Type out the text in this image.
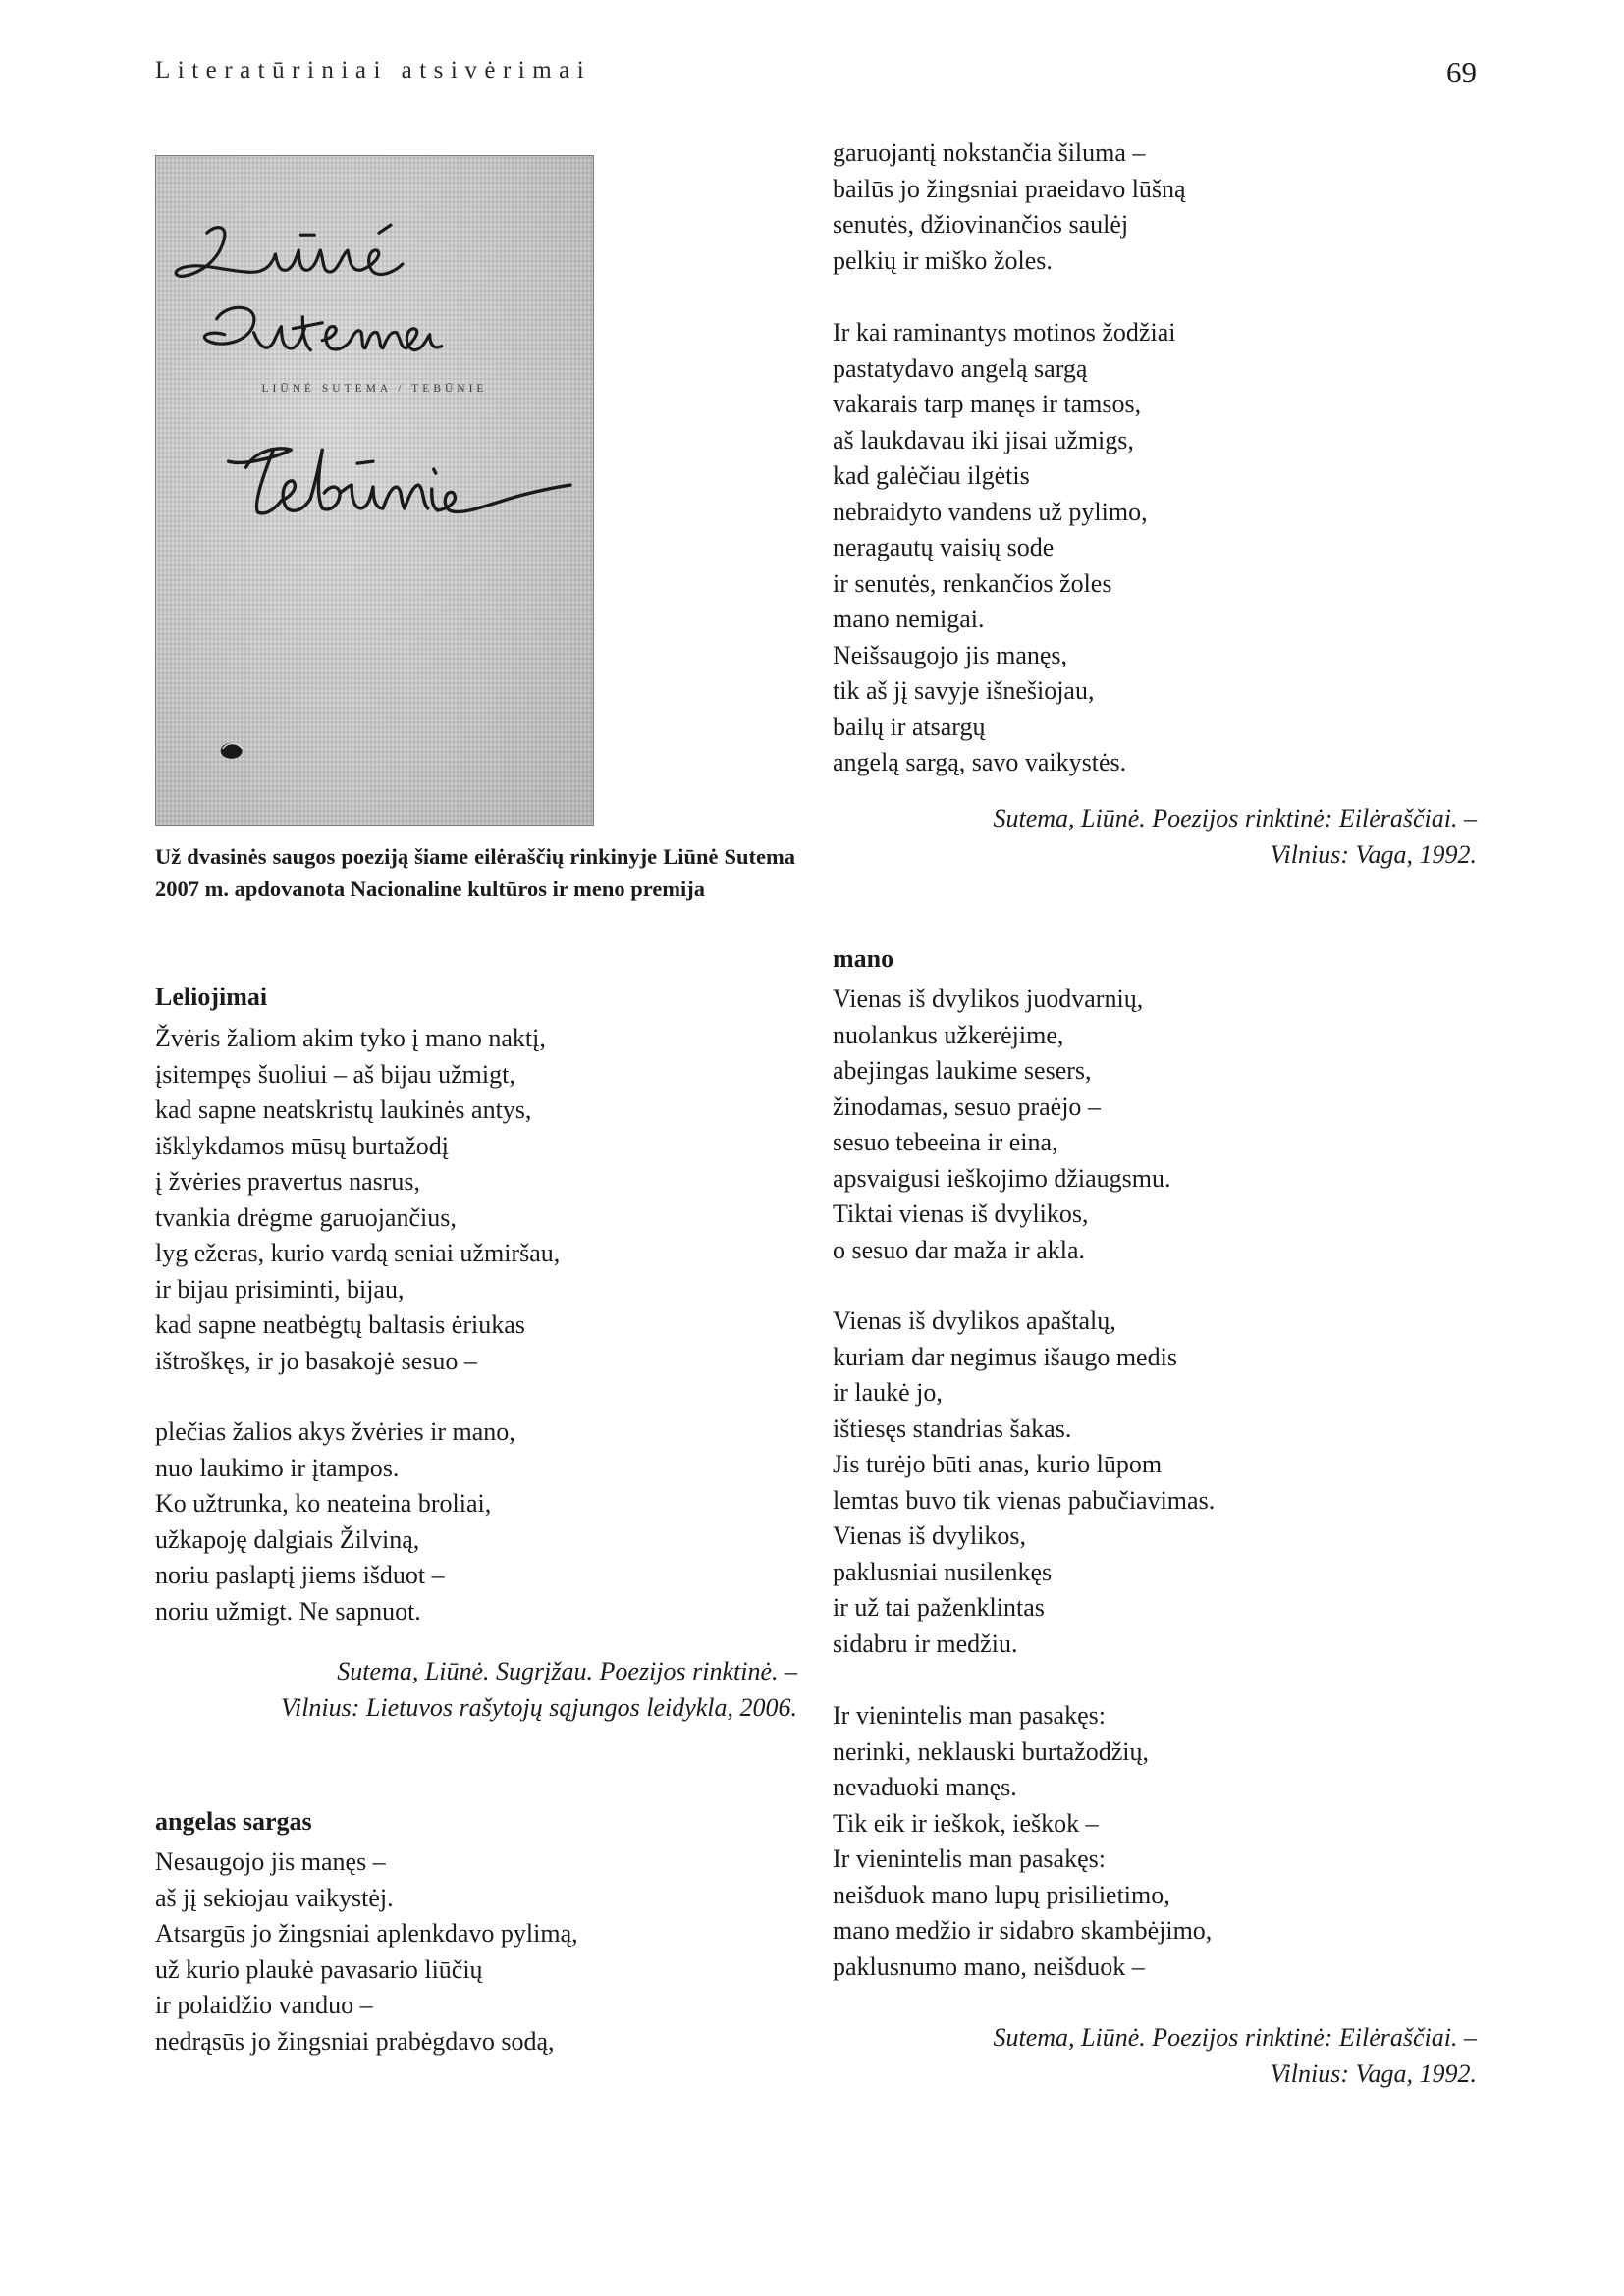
Literatūriniai atsivėrimai	69
LIŪNĖ SUTEMA / TEBŪNIE
Už dvasinės saugos poeziją šiame eilėraščių rinkinyje Liūnė Sutema 2007 m. apdovanota Nacionaline kultūros ir meno premija
Leliojimai
Žvėris žaliom akim tyko į mano naktį,
įsitempęs šuoliui – aš bijau užmigt,
kad sapne neatskristų laukinės antys,
išklykdamos mūsų burtažodį
į žvėries pravertus nasrus,
tvankia drėgme garuojančius,
lyg ežeras, kurio vardą seniai užmiršau,
ir bijau prisiminti, bijau,
kad sapne neatbėgtų baltasis ėriukas
ištroškęs, ir jo basakojė sesuo –
plečias žalios akys žvėries ir mano,
nuo laukimo ir įtampos.
Ko užtrunka, ko neateina broliai,
užkapoję dalgiais Žilviną,
noriu paslaptį jiems išduot –
noriu užmigt. Ne sapnuot.
Sutema, Liūnė. Sugrįžau. Poezijos rinktinė. –
Vilnius: Lietuvos rašytojų sąjungos leidykla, 2006.
angelas sargas
Nesaugojo jis manęs –
aš jį sekiojau vaikystėj.
Atsargūs jo žingsniai aplenkdavo pylimą,
už kurio plaukė pavasario liūčių
ir polaidžio vanduo –
nedrąsūs jo žingsniai prabėgdavo sodą,
garuojantį nokstančia šiluma –
bailūs jo žingsniai praeidavo lūšną
senutės, džiovinančios saulėj
pelkių ir miško žoles.
Ir kai raminantys motinos žodžiai
pastatydavo angelą sargą
vakarais tarp manęs ir tamsos,
aš laukdavau iki jisai užmigs,
kad galėčiau ilgėtis
nebraidyto vandens už pylimo,
neragautų vaisių sode
ir senutės, renkančios žoles
mano nemigai.
Neišsaugojo jis manęs,
tik aš jį savyje išnešiojau,
bailų ir atsargų
angelą sargą, savo vaikystės.
Sutema, Liūnė. Poezijos rinktinė: Eilėraščiai. –
Vilnius: Vaga, 1992.
mano
Vienas iš dvylikos juodvarnių,
nuolankus užkerėjime,
abejingas laukime sesers,
žinodamas, sesuo praėjo –
sesuo tebeeina ir eina,
apsvaigusi ieškojimo džiaugsmu.
Tiktai vienas iš dvylikos,
o sesuo dar maža ir akla.
Vienas iš dvylikos apaštalų,
kuriam dar negimus išaugo medis
ir laukė jo,
ištiesęs standrias šakas.
Jis turėjo būti anas, kurio lūpom
lemtas buvo tik vienas pabučiavimas.
Vienas iš dvylikos,
paklusniai nusilenkęs
ir už tai paženklintas
sidabru ir medžiu.
Ir vienintelis man pasakęs:
nerinki, neklauski burtažodžių,
nevaduoki manęs.
Tik eik ir ieškok, ieškok –
Ir vienintelis man pasakęs:
neišduok mano lupų prisilietimo,
mano medžio ir sidabro skambėjimo,
paklusnumo mano, neišduok –
Sutema, Liūnė. Poezijos rinktinė: Eilėraščiai. –
Vilnius: Vaga, 1992.
